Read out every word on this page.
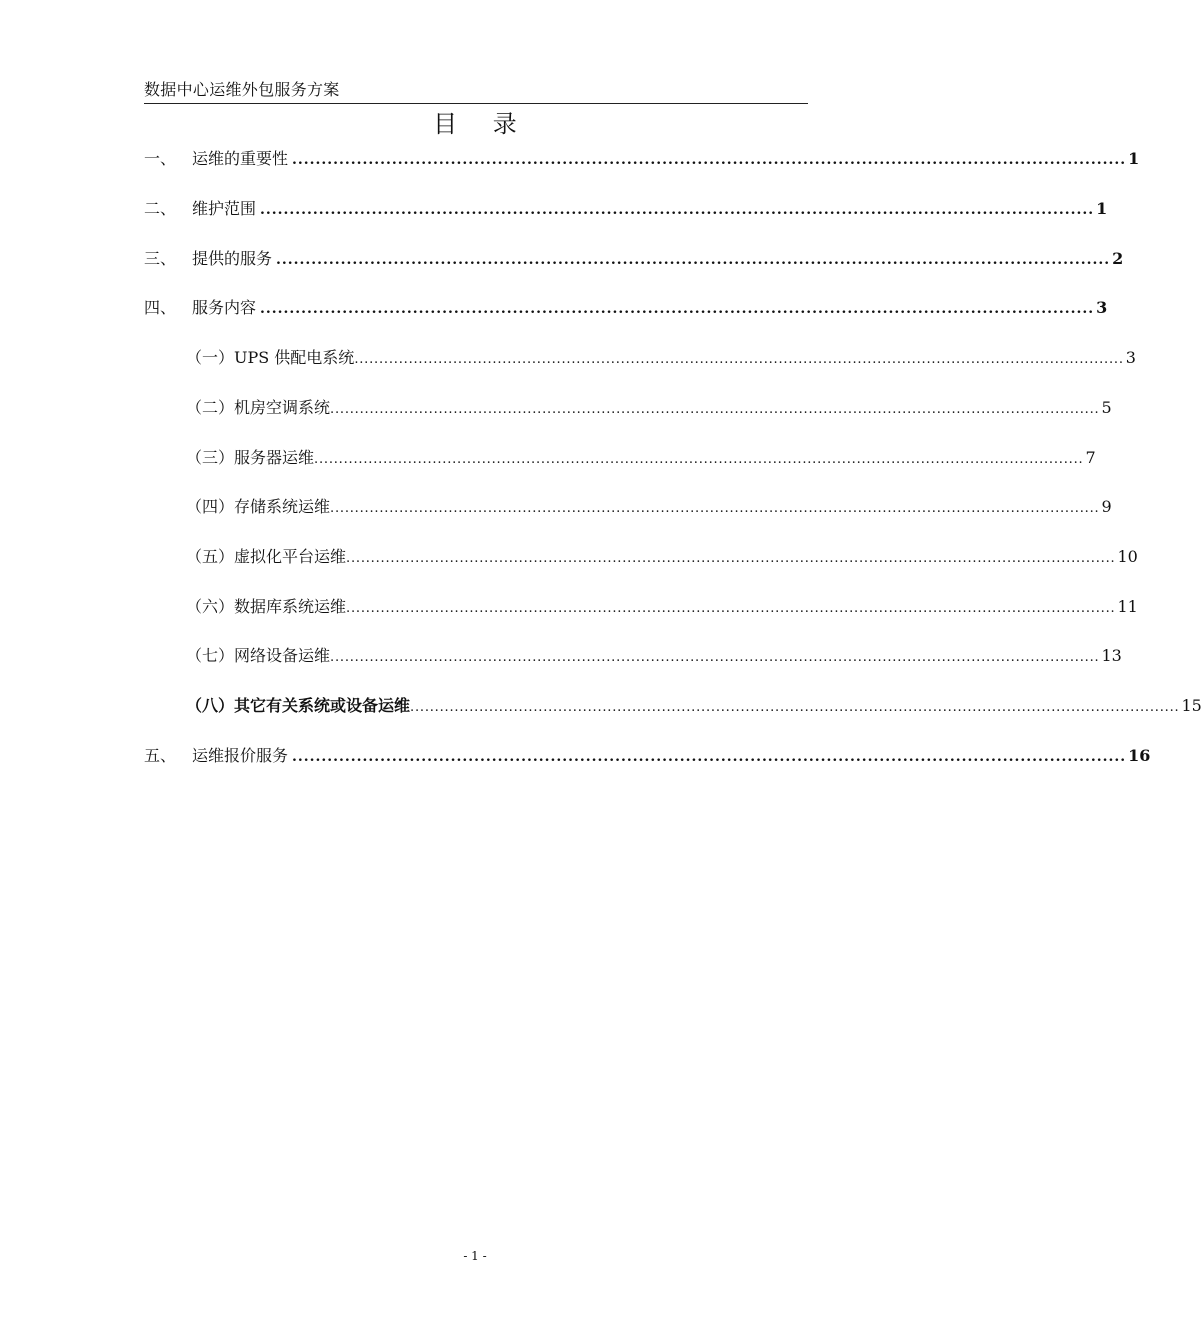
数据中心运维外包服务方案
目 录
一、 运维的重要性 .............................................................................................................................................. 1
二、 维护范围 .............................................................................................................................................. 1
三、 提供的服务 .............................................................................................................................................. 2
四、 服务内容 .............................................................................................................................................. 3
（一）UPS 供配电系统 ............................................................................................................................................................ 3
（二）机房空调系统 ............................................................................................................................................................ 5
（三）服务器运维 ............................................................................................................................................................ 7
（四）存储系统运维 ............................................................................................................................................................ 9
（五）虚拟化平台运维 ............................................................................................................................................................ 10
（六）数据库系统运维 ............................................................................................................................................................ 11
（七）网络设备运维 ............................................................................................................................................................ 13
（八）其它有关系统或设备运维 ............................................................................................................................................................ 15
五、 运维报价服务 .............................................................................................................................................. 16
- 1 -
